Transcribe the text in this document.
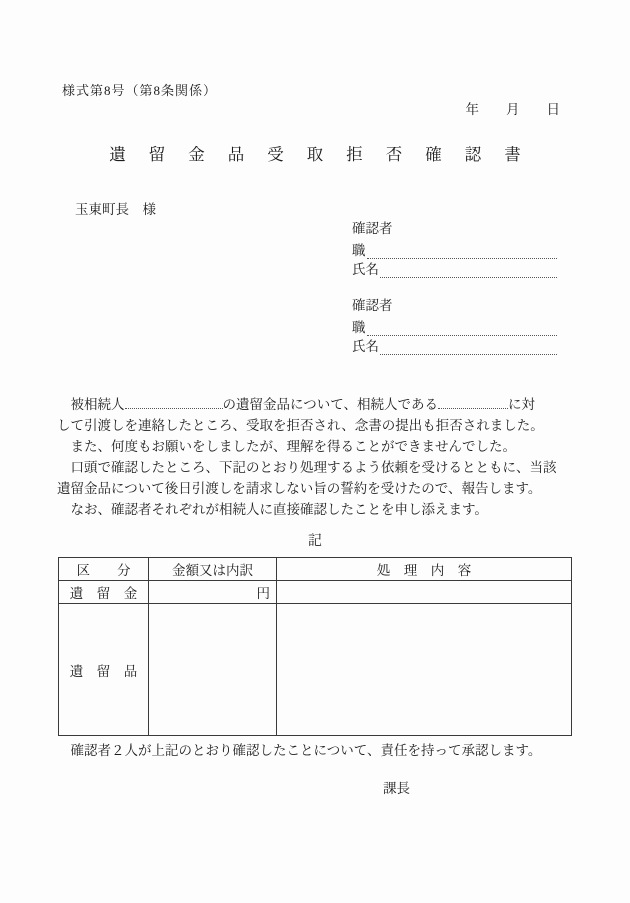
様式第8号（第8条関係）
年　　月　　日
遺留金品受取拒否確認書
玉東町長　様
確認者
職
氏名
確認者
職
氏名
　被相続人	の遺留金品について、相続人である	に対
して引渡しを連絡したところ、受取を拒否され、念書の提出も拒否されました。
　また、何度もお願いをしましたが、理解を得ることができませんでした。
　口頭で確認したところ、下記のとおり処理するよう依頼を受けるとともに、当該
遺留金品について後日引渡しを請求しない旨の誓約を受けたので、報告します。
　なお、確認者それぞれが相続人に直接確認したことを申し添えます。
記
区　　分	金額又は内訳	処　理　内　容
遺　留　金	円	
遺　留　品		
　確認者２人が上記のとおり確認したことについて、責任を持って承認します。
課長
